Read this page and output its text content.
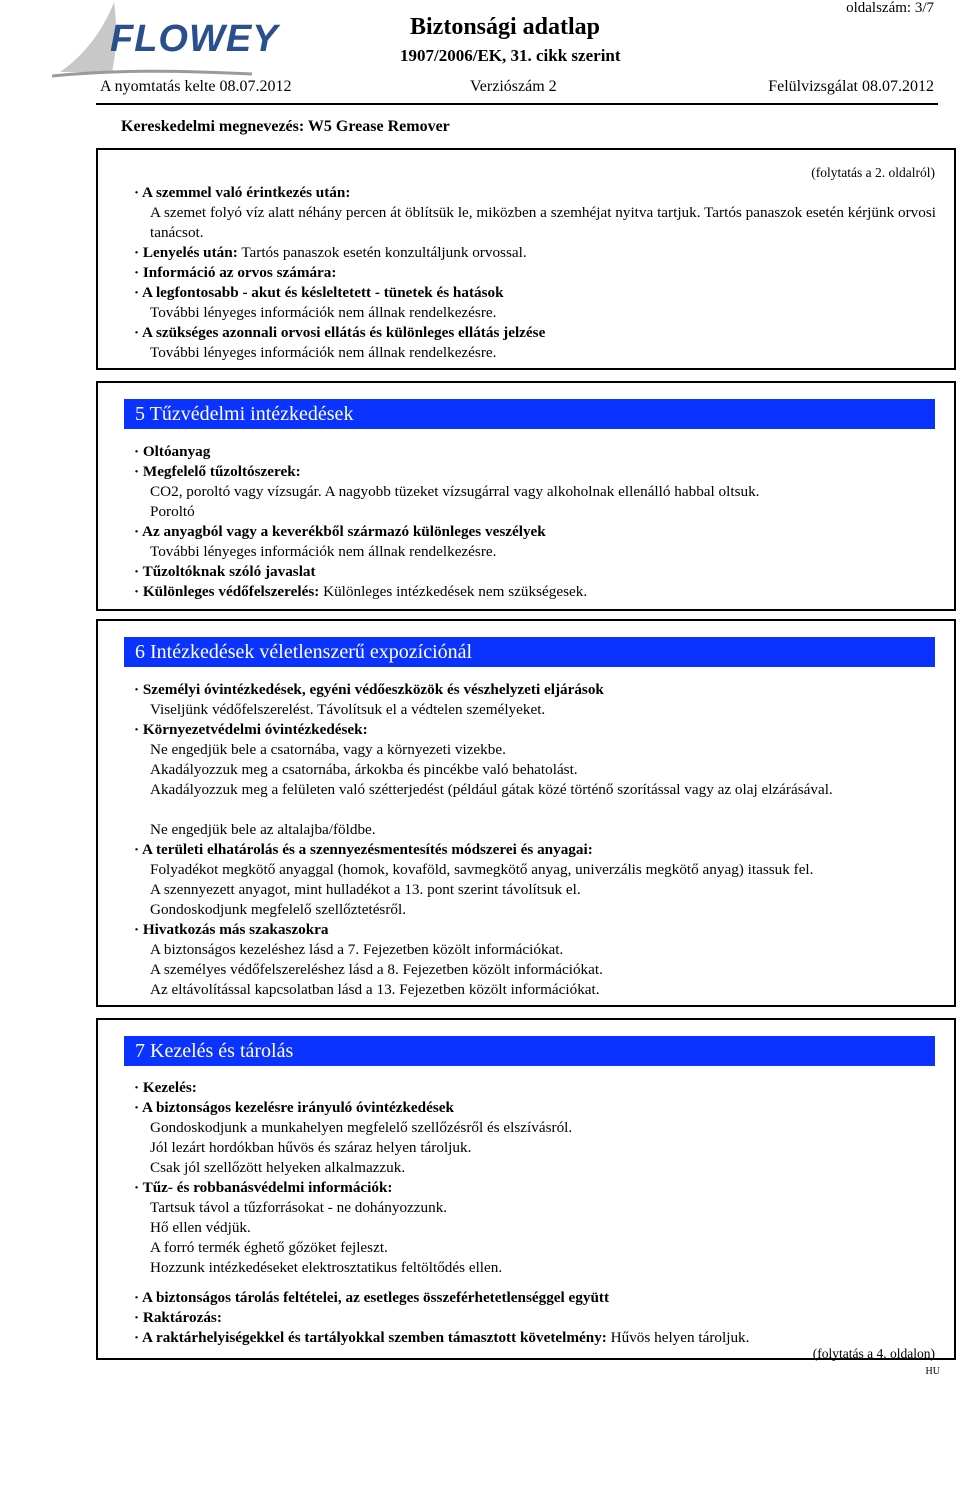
FLOWEY	Biztonsági adatlap
1907/2006/EK, 31. cikk szerint
oldalszám: 3/7
A nyomtatás kelte 08.07.2012	Verziószám 2	Felülvizsgálat 08.07.2012
Kereskedelmi megnevezés: W5 Grease Remover
(folytatás a 2. oldalról)
· A szemmel való érintkezés után:
A szemet folyó víz alatt néhány percen át öblítsük le, miközben a szemhéjat nyitva tartjuk. Tartós panaszok esetén kérjünk orvosi tanácsot.
· Lenyelés után: Tartós panaszok esetén konzultáljunk orvossal.
· Információ az orvos számára:
· A legfontosabb - akut és késleltetett - tünetek és hatások
További lényeges információk nem állnak rendelkezésre.
· A szükséges azonnali orvosi ellátás és különleges ellátás jelzése
További lényeges információk nem állnak rendelkezésre.
5 Tűzvédelmi intézkedések
· Oltóanyag
· Megfelelő tűzoltószerek:
CO2, poroltó vagy vízsugár. A nagyobb tüzeket vízsugárral vagy alkoholnak ellenálló habbal oltsuk.
Poroltó
· Az anyagból vagy a keverékből származó különleges veszélyek
További lényeges információk nem állnak rendelkezésre.
· Tűzoltóknak szóló javaslat
· Különleges védőfelszerelés: Különleges intézkedések nem szükségesek.
6 Intézkedések véletlenszerű expozíciónál
· Személyi óvintézkedések, egyéni védőeszközök és vészhelyzeti eljárások
Viseljünk védőfelszerelést. Távolítsuk el a védtelen személyeket.
· Környezetvédelmi óvintézkedések:
Ne engedjük bele a csatornába, vagy a környezeti vizekbe.
Akadályozzuk meg a csatornába, árkokba és pincékbe való behatolást.
Akadályozzuk meg a felületen való szétterjedést (például gátak közé történő szorítással vagy az olaj elzárásával.
Ne engedjük bele az altalajba/földbe.
· A területi elhatárolás és a szennyezésmentesítés módszerei és anyagai:
Folyadékot megkötő anyaggal (homok, kovaföld, savmegkötő anyag, univerzális megkötő anyag) itassuk fel.
A szennyezett anyagot, mint hulladékot a 13. pont szerint távolítsuk el.
Gondoskodjunk megfelelő szellőztetésről.
· Hivatkozás más szakaszokra
A biztonságos kezeléshez lásd a 7. Fejezetben közölt információkat.
A személyes védőfelszereléshez lásd a 8. Fejezetben közölt információkat.
Az eltávolítással kapcsolatban lásd a 13. Fejezetben közölt információkat.
7 Kezelés és tárolás
· Kezelés:
· A biztonságos kezelésre irányuló óvintézkedések
Gondoskodjunk a munkahelyen megfelelő szellőzésről és elszívásról.
Jól lezárt hordókban hűvös és száraz helyen tároljuk.
Csak jól szellőzött helyeken alkalmazzuk.
· Tűz- és robbanásvédelmi információk:
Tartsuk távol a tűzforrásokat - ne dohányozzunk.
Hő ellen védjük.
A forró termék éghető gőzöket fejleszt.
Hozzunk intézkedéseket elektrosztatikus feltöltődés ellen.
· A biztonságos tárolás feltételei, az esetleges összeférhetetlenséggel együtt
· Raktározás:
· A raktárhelyiségekkel és tartályokkal szemben támasztott követelmény: Hűvös helyen tároljuk.
(folytatás a 4. oldalon)
HU
